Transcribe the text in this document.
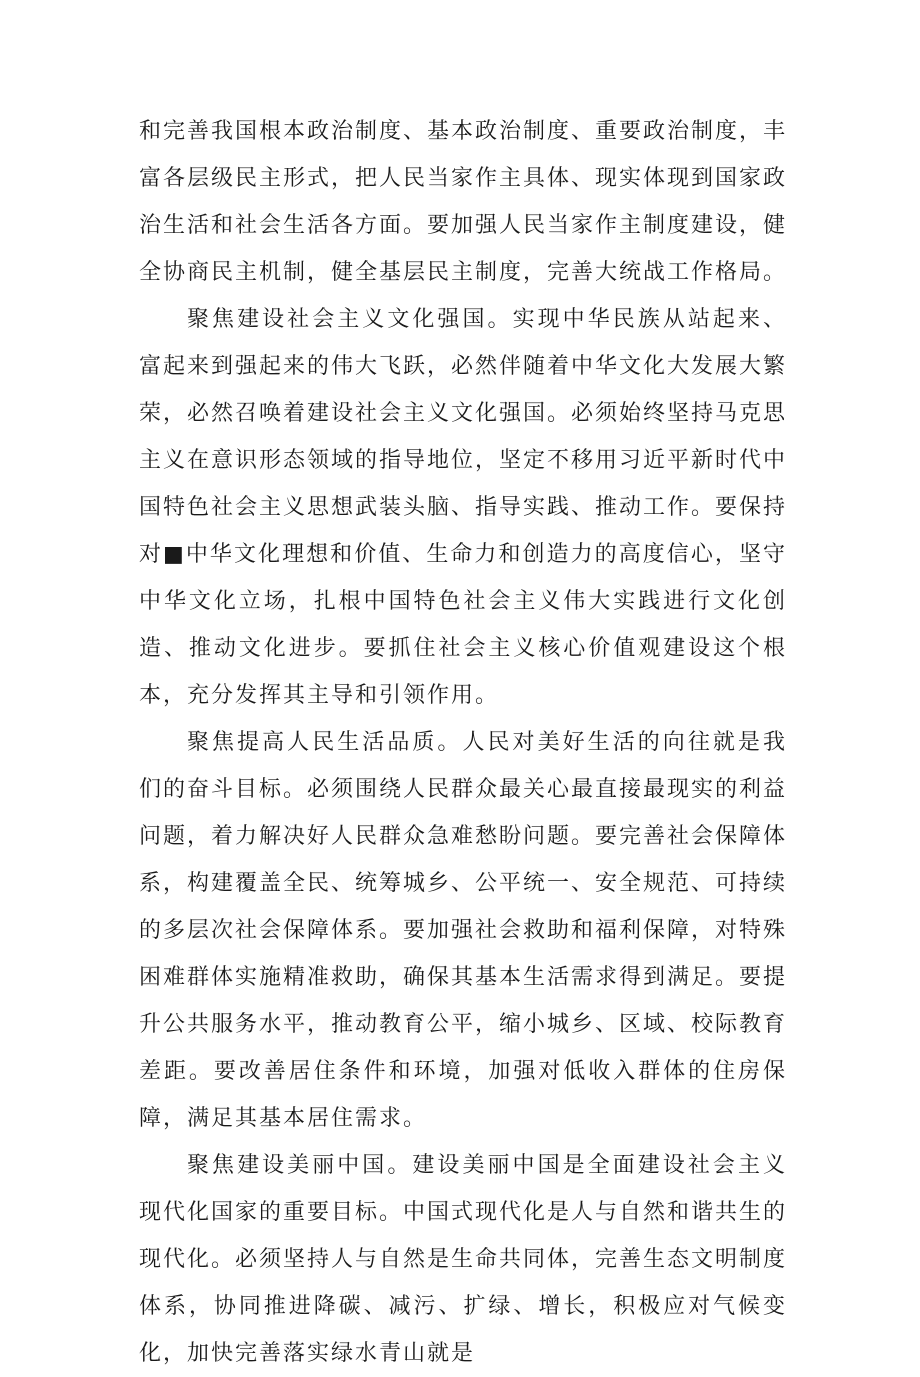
和完善我国根本政治制度、基本政治制度、重要政治制度，丰富各层级民主形式，把人民当家作主具体、现实体现到国家政治生活和社会生活各方面。要加强人民当家作主制度建设，健全协商民主机制，健全基层民主制度，完善大统战工作格局。

聚焦建设社会主义文化强国。实现中华民族从站起来、富起来到强起来的伟大飞跃，必然伴随着中华文化大发展大繁荣，必然召唤着建设社会主义文化强国。必须始终坚持马克思主义在意识形态领域的指导地位，坚定不移用习近平新时代中国特色社会主义思想武装头脑、指导实践、推动工作。要保持对■中华文化理想和价值、生命力和创造力的高度信心，坚守中华文化立场，扎根中国特色社会主义伟大实践进行文化创造、推动文化进步。要抓住社会主义核心价值观建设这个根本，充分发挥其主导和引领作用。

聚焦提高人民生活品质。人民对美好生活的向往就是我们的奋斗目标。必须围绕人民群众最关心最直接最现实的利益问题，着力解决好人民群众急难愁盼问题。要完善社会保障体系，构建覆盖全民、统筹城乡、公平统一、安全规范、可持续的多层次社会保障体系。要加强社会救助和福利保障，对特殊困难群体实施精准救助，确保其基本生活需求得到满足。要提升公共服务水平，推动教育公平，缩小城乡、区域、校际教育差距。要改善居住条件和环境，加强对低收入群体的住房保障，满足其基本居住需求。

聚焦建设美丽中国。建设美丽中国是全面建设社会主义现代化国家的重要目标。中国式现代化是人与自然和谐共生的现代化。必须坚持人与自然是生命共同体，完善生态文明制度体系，协同推进降碳、减污、扩绿、增长，积极应对气候变化，加快完善落实绿水青山就是
